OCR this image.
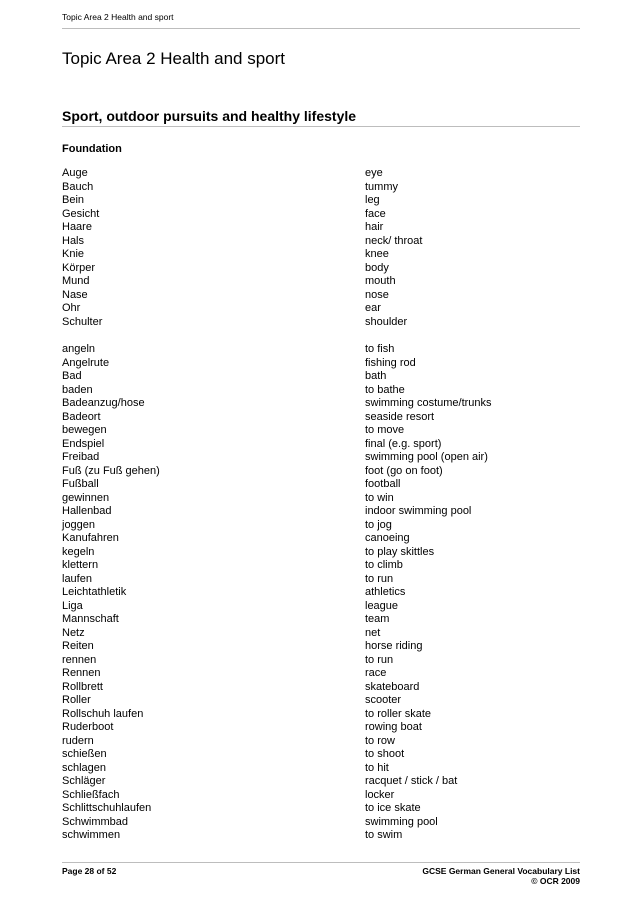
Topic Area 2 Health and sport
Topic Area 2 Health and sport
Sport, outdoor pursuits and healthy lifestyle
Foundation
Auge	eye
Bauch	tummy
Bein	leg
Gesicht	face
Haare	hair
Hals	neck/ throat
Knie	knee
Körper	body
Mund	mouth
Nase	nose
Ohr	ear
Schulter	shoulder
angeln	to fish
Angelrute	fishing rod
Bad	bath
baden	to bathe
Badeanzug/hose	swimming costume/trunks
Badeort	seaside resort
bewegen	to move
Endspiel	final (e.g. sport)
Freibad	swimming pool (open air)
Fuß (zu Fuß gehen)	foot (go on foot)
Fußball	football
gewinnen	to win
Hallenbad	indoor swimming pool
joggen	to jog
Kanufahren	canoeing
kegeln	to play skittles
klettern	to climb
laufen	to run
Leichtathletik	athletics
Liga	league
Mannschaft	team
Netz	net
Reiten	horse riding
rennen	to run
Rennen	race
Rollbrett	skateboard
Roller	scooter
Rollschuh laufen	to roller skate
Ruderboot	rowing boat
rudern	to row
schießen	to shoot
schlagen	to hit
Schläger	racquet / stick / bat
Schließfach	locker
Schlittschuhlaufen	to ice skate
Schwimmbad	swimming pool
schwimmen	to swim
Page 28 of 52	GCSE German General Vocabulary List
© OCR 2009
